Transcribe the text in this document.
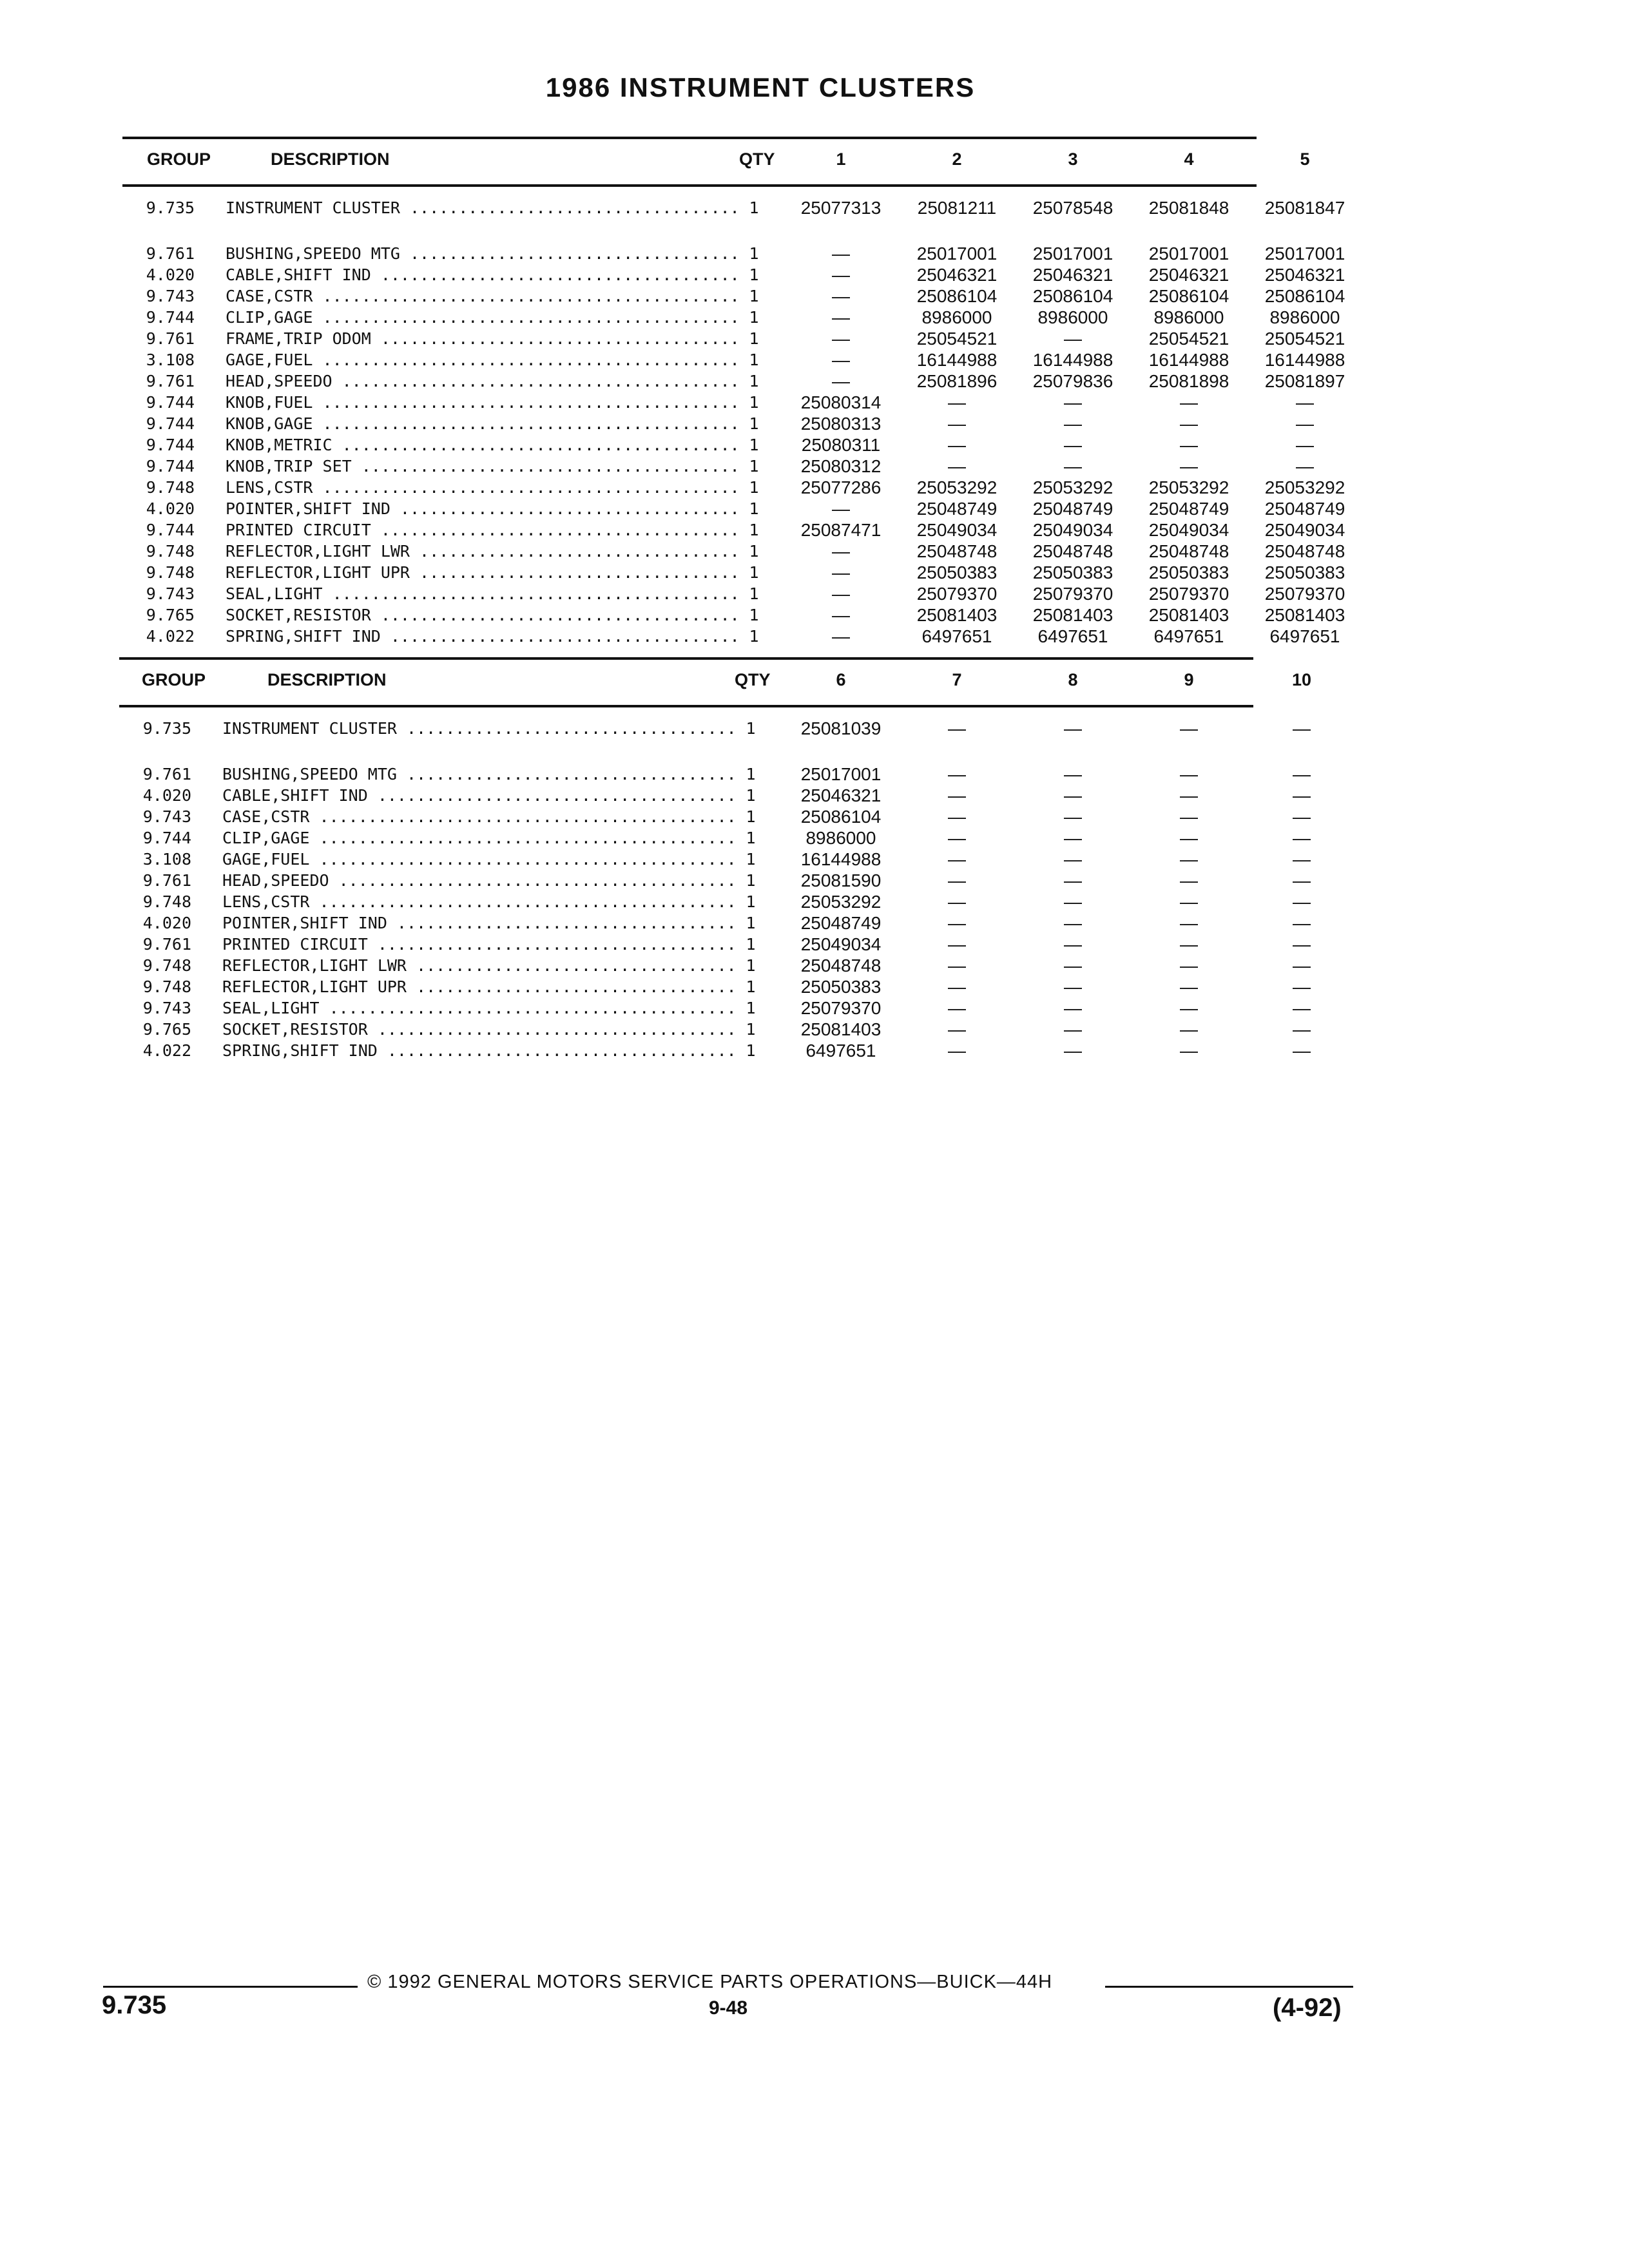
1986 INSTRUMENT CLUSTERS
GROUP	DESCRIPTION	QTY	1	2	3	4	5
9.735 INSTRUMENT CLUSTER .....	1	25077313	25081211	25078548	25081848	25081847
9.761 BUSHING,SPEEDO MTG .....	1	—	25017001	25017001	25017001	25017001
4.020 CABLE,SHIFT IND .....	1	—	25046321	25046321	25046321	25046321
9.743 CASE,CSTR .....	1	—	25086104	25086104	25086104	25086104
9.744 CLIP,GAGE .....	1	—	8986000	8986000	8986000	8986000
9.761 FRAME,TRIP ODOM .....	1	—	25054521	—	25054521	25054521
3.108 GAGE,FUEL .....	1	—	16144988	16144988	16144988	16144988
9.761 HEAD,SPEEDO .....	1	—	25081896	25079836	25081898	25081897
9.744 KNOB,FUEL .....	1	25080314	—	—	—	—
9.744 KNOB,GAGE .....	1	25080313	—	—	—	—
9.744 KNOB,METRIC .....	1	25080311	—	—	—	—
9.744 KNOB,TRIP SET .....	1	25080312	—	—	—	—
9.748 LENS,CSTR .....	1	25077286	25053292	25053292	25053292	25053292
4.020 POINTER,SHIFT IND .....	1	—	25048749	25048749	25048749	25048749
9.744 PRINTED CIRCUIT .....	1	25087471	25049034	25049034	25049034	25049034
9.748 REFLECTOR,LIGHT LWR .....	1	—	25048748	25048748	25048748	25048748
9.748 REFLECTOR,LIGHT UPR .....	1	—	25050383	25050383	25050383	25050383
9.743 SEAL,LIGHT .....	1	—	25079370	25079370	25079370	25079370
9.765 SOCKET,RESISTOR .....	1	—	25081403	25081403	25081403	25081403
4.022 SPRING,SHIFT IND .....	1	—	6497651	6497651	6497651	6497651
GROUP	DESCRIPTION	QTY	6	7	8	9	10
9.735 INSTRUMENT CLUSTER .....	1	25081039	—	—	—	—
9.761 BUSHING,SPEEDO MTG .....	1	25017001	—	—	—	—
4.020 CABLE,SHIFT IND .....	1	25046321	—	—	—	—
9.743 CASE,CSTR .....	1	25086104	—	—	—	—
9.744 CLIP,GAGE .....	1	8986000	—	—	—	—
3.108 GAGE,FUEL .....	1	16144988	—	—	—	—
9.761 HEAD,SPEEDO .....	1	25081590	—	—	—	—
9.748 LENS,CSTR .....	1	25053292	—	—	—	—
4.020 POINTER,SHIFT IND .....	1	25048749	—	—	—	—
9.761 PRINTED CIRCUIT .....	1	25049034	—	—	—	—
9.748 REFLECTOR,LIGHT LWR .....	1	25048748	—	—	—	—
9.748 REFLECTOR,LIGHT UPR .....	1	25050383	—	—	—	—
9.743 SEAL,LIGHT .....	1	25079370	—	—	—	—
9.765 SOCKET,RESISTOR .....	1	25081403	—	—	—	—
4.022 SPRING,SHIFT IND .....	1	6497651	—	—	—	—
© 1992 GENERAL MOTORS SERVICE PARTS OPERATIONS—BUICK—44H
9.735	9-48	(4-92)
